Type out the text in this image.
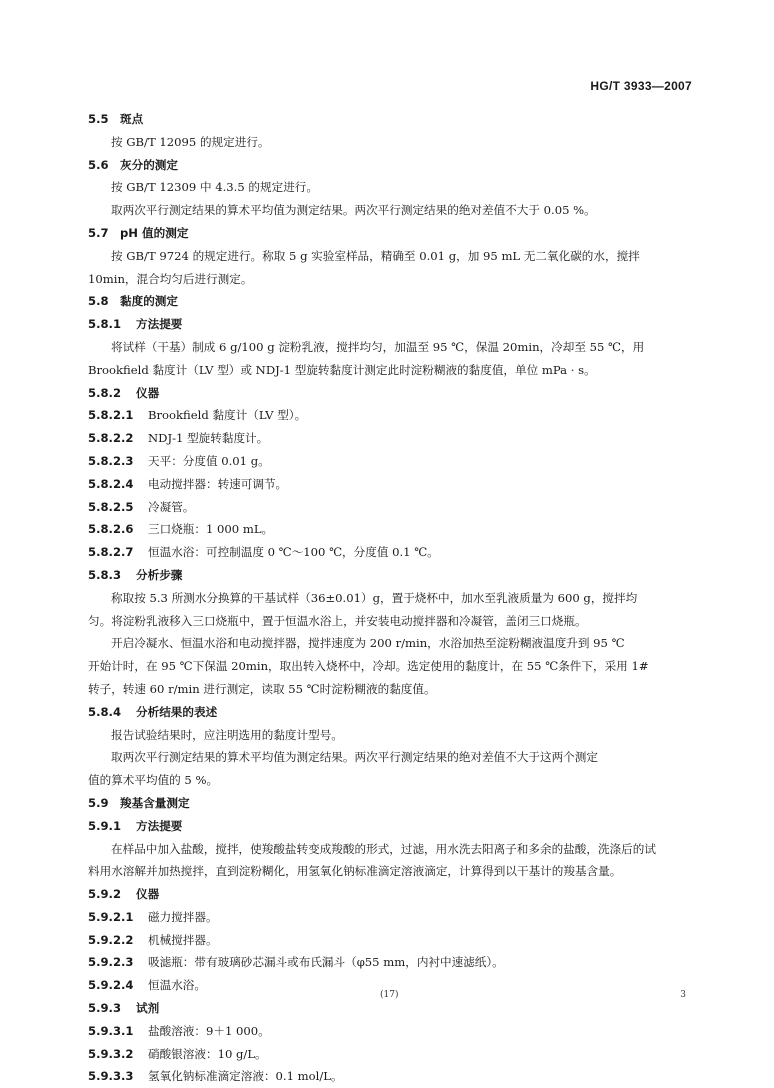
HG/T 3933—2007
5.5 斑点
按 GB/T 12095 的规定进行。
5.6 灰分的测定
按 GB/T 12309 中 4.3.5 的规定进行。
取两次平行测定结果的算术平均值为测定结果。两次平行测定结果的绝对差值不大于 0.05 %。
5.7 pH 值的测定
按 GB/T 9724 的规定进行。称取 5 g 实验室样品，精确至 0.01 g，加 95 mL 无二氧化碳的水，搅拌
10min，混合均匀后进行测定。
5.8 黏度的测定
5.8.1 方法提要
将试样（干基）制成 6 g/100 g 淀粉乳液，搅拌均匀，加温至 95 ℃，保温 20min，冷却至 55 ℃，用
Brookfield 黏度计（LV 型）或 NDJ-1 型旋转黏度计测定此时淀粉糊液的黏度值，单位 mPa · s。
5.8.2 仪器
5.8.2.1 Brookfield 黏度计（LV 型）。
5.8.2.2 NDJ-1 型旋转黏度计。
5.8.2.3 天平：分度值 0.01 g。
5.8.2.4 电动搅拌器：转速可调节。
5.8.2.5 冷凝管。
5.8.2.6 三口烧瓶：1 000 mL。
5.8.2.7 恒温水浴：可控制温度 0 ℃～100 ℃，分度值 0.1 ℃。
5.8.3 分析步骤
称取按 5.3 所测水分换算的干基试样（36±0.01）g，置于烧杯中，加水至乳液质量为 600 g，搅拌均
匀。将淀粉乳液移入三口烧瓶中，置于恒温水浴上，并安装电动搅拌器和冷凝管，盖闭三口烧瓶。
开启冷凝水、恒温水浴和电动搅拌器，搅拌速度为 200 r/min，水浴加热至淀粉糊液温度升到 95 ℃
开始计时，在 95 ℃下保温 20min，取出转入烧杯中，冷却。选定使用的黏度计，在 55 ℃条件下，采用 1#
转子，转速 60 r/min 进行测定，读取 55 ℃时淀粉糊液的黏度值。
5.8.4 分析结果的表述
报告试验结果时，应注明选用的黏度计型号。
取两次平行测定结果的算术平均值为测定结果。两次平行测定结果的绝对差值不大于这两个测定
值的算术平均值的 5 %。
5.9 羧基含量测定
5.9.1 方法提要
在样品中加入盐酸，搅拌，使羧酸盐转变成羧酸的形式，过滤，用水洗去阳离子和多余的盐酸，洗涤后的试
料用水溶解并加热搅拌，直到淀粉糊化，用氢氧化钠标准滴定溶液滴定，计算得到以干基计的羧基含量。
5.9.2 仪器
5.9.2.1 磁力搅拌器。
5.9.2.2 机械搅拌器。
5.9.2.3 吸滤瓶：带有玻璃砂芯漏斗或布氏漏斗（φ55 mm，内衬中速滤纸）。
5.9.2.4 恒温水浴。
5.9.3 试剂
5.9.3.1 盐酸溶液：9＋1 000。
5.9.3.2 硝酸银溶液：10 g/L。
5.9.3.3 氢氧化钠标准滴定溶液：0.1 mol/L。
(17)	3
